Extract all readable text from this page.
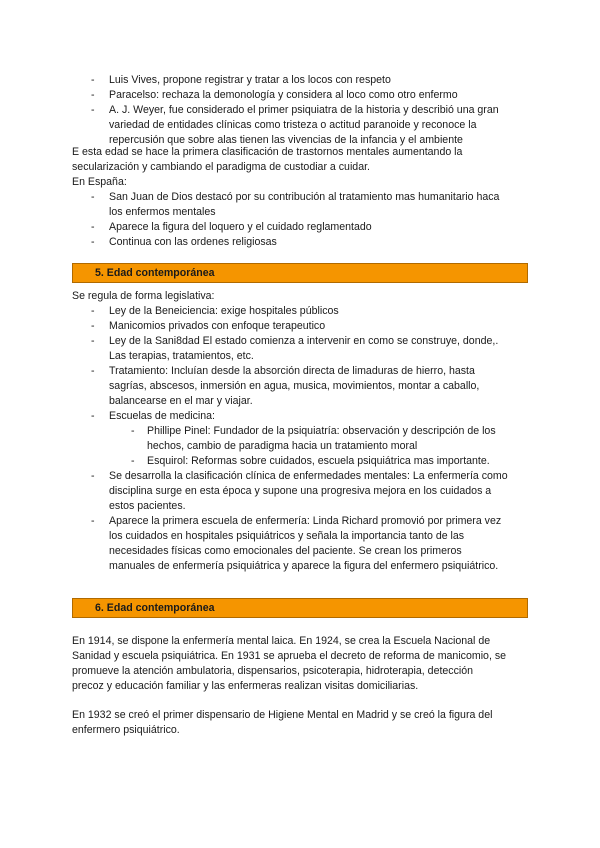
- Luis Vives, propone registrar y tratar a los locos con respeto
- Paracelso: rechaza la demonología y considera al loco como otro enfermo
- A. J. Weyer, fue considerado el primer psiquiatra de la historia y describió una gran
variedad de entidades clínicas como tristeza o actitud paranoide y reconoce la
repercusión que sobre alas tienen las vivencias de la infancia y el ambiente
E esta edad se hace la primera clasificación de trastornos mentales aumentando la
secularización y cambiando el paradigma de custodiar a cuidar.
En España:
- San Juan de Dios destacó por su contribución al tratamiento mas humanitario haca
los enfermos mentales
- Aparece la figura del loquero y el cuidado reglamentado
- Continua con las ordenes religiosas
5. Edad contemporánea
Se regula de forma legislativa:
- Ley de la Beneiciencia: exige hospitales públicos
- Manicomios privados con enfoque terapeutico
- Ley de la Sani8dad El estado comienza a intervenir en como se construye, donde,.
Las terapias, tratamientos, etc.
- Tratamiento: Incluían desde la absorción directa de limaduras de hierro, hasta
sagrías, abscesos, inmersión en agua, musica, movimientos, montar a caballo,
balancearse en el mar y viajar.
- Escuelas de medicina:
- Phillipe Pinel: Fundador de la psiquiatría: observación y descripción de los
hechos, cambio de paradigma hacia un tratamiento moral
- Esquirol: Reformas sobre cuidados, escuela psiquiátrica mas importante.
- Se desarrolla la clasificación clínica de enfermedades mentales: La enfermería como
disciplina surge en esta época y supone una progresiva mejora en los cuidados a
estos pacientes.
- Aparece la primera escuela de enfermería: Linda Richard promovió por primera vez
los cuidados en hospitales psiquiátricos y señala la importancia tanto de las
necesidades físicas como emocionales del paciente. Se crean los primeros
manuales de enfermería psiquiátrica y aparece la figura del enfermero psiquiátrico.
6. Edad contemporánea
En 1914, se dispone la enfermería mental laica. En 1924, se crea la Escuela Nacional de
Sanidad y escuela psiquiátrica. En 1931 se aprueba el decreto de reforma de manicomio, se
promueve la atención ambulatoria, dispensarios, psicoterapia, hidroterapia, detección
precoz y educación familiar y las enfermeras realizan visitas domiciliarias.
En 1932 se creó el primer dispensario de Higiene Mental en Madrid y se creó la figura del
enfermero psiquiátrico.
